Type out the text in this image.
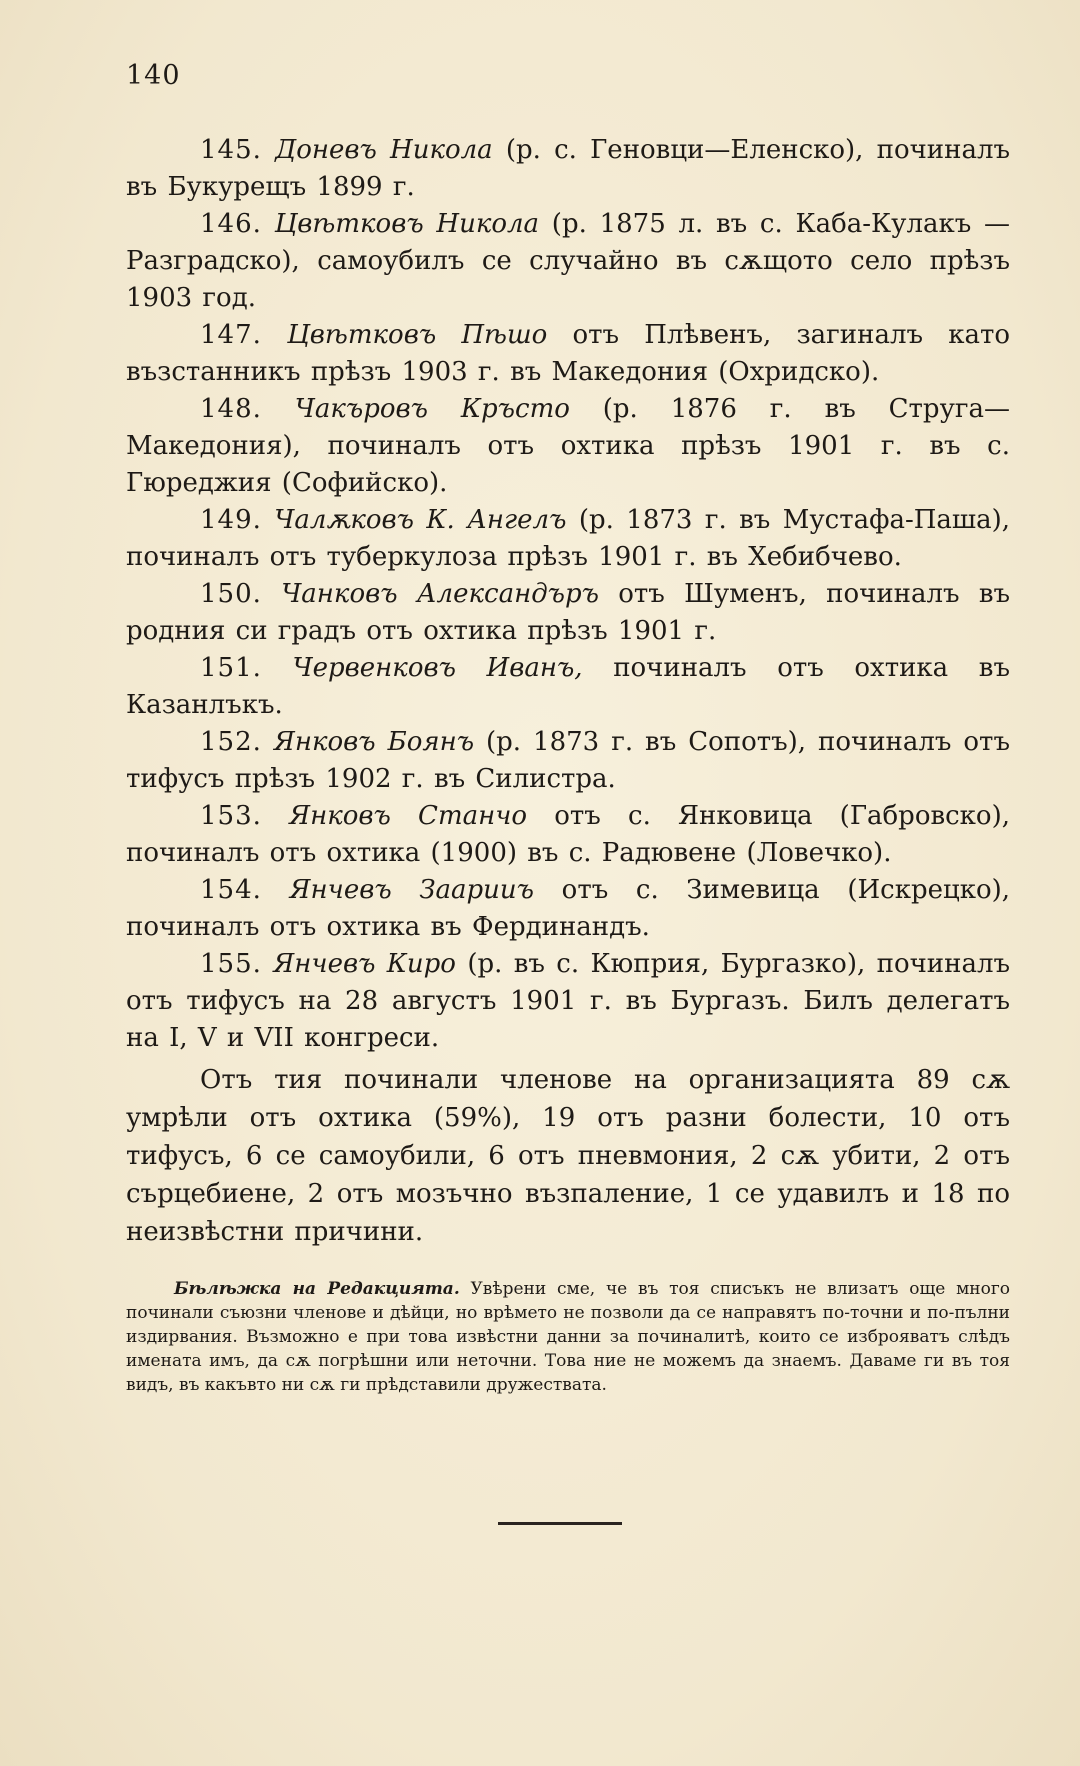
140

145. Доневъ Никола (р. с. Геновци—Еленско), починалъ въ Букурещъ 1899 г.

146. Цвѣтковъ Никола (р. 1875 л. въ с. Каба-Кулакъ — Разградско), самоубилъ се случайно въ сѫщото село прѣзъ 1903 год.

147. Цвѣтковъ Пѣшо отъ Плѣвенъ, загиналъ като възстанникъ прѣзъ 1903 г. въ Македония (Охридско).

148. Чакъровъ Кръсто (р. 1876 г. въ Струга—Македония), починалъ отъ охтика прѣзъ 1901 г. въ с. Гюреджия (Софийско).

149. Чалѫковъ К. Ангелъ (р. 1873 г. въ Мустафа-Паша), починалъ отъ туберкулоза прѣзъ 1901 г. въ Хебибчево.

150. Чанковъ Александъръ отъ Шуменъ, починалъ въ родния си градъ отъ охтика прѣзъ 1901 г.

151. Червенковъ Иванъ, починалъ отъ охтика въ Казанлъкъ.

152. Янковъ Боянъ (р. 1873 г. въ Сопотъ), починалъ отъ тифусъ прѣзъ 1902 г. въ Силистра.

153. Янковъ Станчо отъ с. Янковица (Габровско), починалъ отъ охтика (1900) въ с. Радювене (Ловечко).

154. Янчевъ Заарииъ отъ с. Зимевица (Искрецко), починалъ отъ охтика въ Фердинандъ.

155. Янчевъ Киро (р. въ с. Кюприя, Бургазко), починалъ отъ тифусъ на 28 августъ 1901 г. въ Бургазъ. Билъ делегатъ на I, V и VII конгреси.

Отъ тия починали членове на организацията 89 сѫ умрѣли отъ охтика (59%), 19 отъ разни болести, 10 отъ тифусъ, 6 се самоубили, 6 отъ пневмония, 2 сѫ убити, 2 отъ сърцебиене, 2 отъ мозъчно възпаление, 1 се удавилъ и 18 по неизвѣстни причини.

Бѣлѣжка на Редакцията. Увѣрени сме, че въ тоя списъкъ не влизатъ още много починали съюзни членове и дѣйци, но врѣмето не позволи да се направятъ по-точни и по-пълни издирвания. Възможно е при това извѣстни данни за починалитѣ, които се изброяватъ слѣдъ имената имъ, да сѫ погрѣшни или неточни. Това ние не можемъ да знаемъ. Даваме ги въ тоя видъ, въ какъвто ни сѫ ги прѣдставили дружествата.
